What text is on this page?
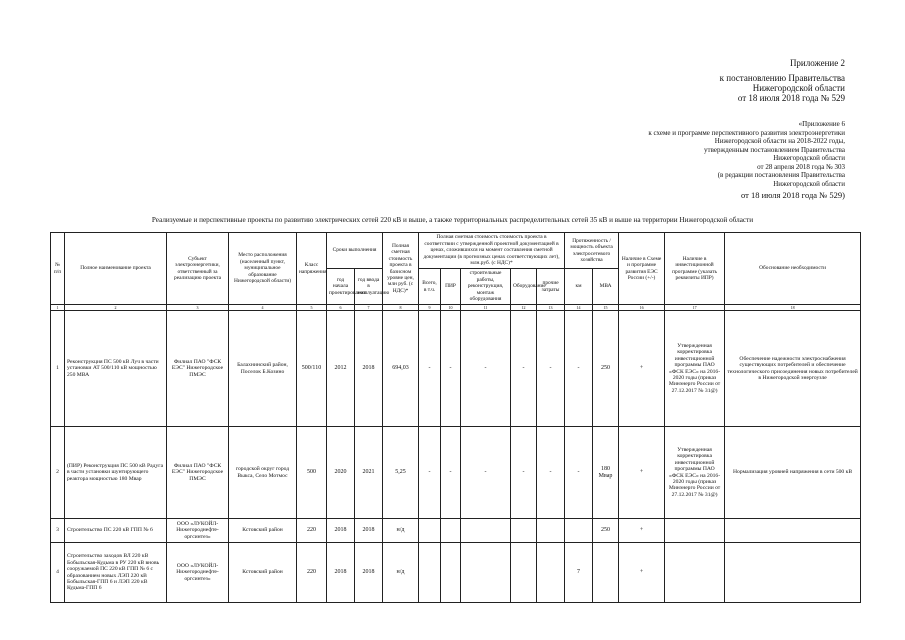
Приложение 2
к постановлению Правительства
Нижегородской области
от 18 июля 2018 года № 529
«Приложение 6
к схеме и программе перспективного развития электроэнергетики
Нижегородской области на 2018-2022 годы,
утвержденным постановлением Правительства
Нижегородской области
от 28 апреля 2018 года № 303
(в редакции постановления Правительства
Нижегородской области
от 18 июля 2018 года № 529)
Реализуемые и перспективные проекты по развитию электрических сетей 220 кВ и выше, а также территориальных распределительных сетей 35 кВ и выше на территории Нижегородской области
№ п/п	Полное наименование проекта	Субъект электроэнергетики, ответственный за реализацию проекта	Место расположения (населенный пункт, муниципальное образование Нижегородской области)	Класс напряжения	Сроки выполнения		Полная сметная стоимость проекта в базисном уровне цен, млн руб. (с НДС)*	Полная сметная стоимость стоимость проекта в соответствии с утвержденной проектной документацией в ценах, сложившихся на момент составления сметной документации (в прогнозных ценах соответствующих лет), млн.руб. (с НДС)*					Протяженность / мощность объекта электросетевого хозяйства		Наличие в Схеме и программе развития ЕЭС России (+/-)	Наличие в инвестиционной программе (указать реквизиты ИПР)	Обоснование необходимости
					год начала проектирования	год ввода в эксплуатацию		Всего, в т.ч.	ПИР	строительные работы, реконструкция, монтаж оборудования	Оборудование	прочие затраты	км	МВА			
1	2	3	4	5	6	7	8	9	10	11	12	13	14	15	16	17	18
1	Реконструкция ПС 500 кВ Луч в части установки АТ 500/110 кВ мощностью 250 МВА	Филиал ПАО "ФСК ЕЭС" Нижегородское ПМЭС	Балахнинский район, Поселок Б.Козино	500/110	2012	2018	694,03	-	-	-	-	-	-	250	+	Утвержденная корректировка инвестиционной программы ПАО «ФСК ЕЭС» на 2016-2020 годы (приказ Минэнерго России от 27.12.2017 № 31@)	Обеспечение надежности электроснабжения существующих потребителей и обеспечение технологического присоединения новых потребителей в Нижегородской энергоузле
2	(ПИР) Реконструкция ПС 500 кВ Радуга в части установки шунтирующего реактора мощностью 180 Мвар	Филиал ПАО "ФСК ЕЭС" Нижегородское ПМЭС	городской округ город Выкса, Село Мотмос	500	2020	2021	5,25	-	-	-	-	-	-	180 Мвар	+	Утвержденная корректировка инвестиционной программы ПАО «ФСК ЕЭС» на 2016-2020 годы (приказ Минэнерго России от 27.12.2017 № 31@)	Нормализация уровней напряжения в сети 500 кВ
3	Строительство ПС 220 кВ ГПП № 6	ООО «ЛУКОЙЛ-Нижегороднефте-оргсинтез»	Кстовский район	220	2018	2018	н/д							250	+		
4	Строительство заходов ВЛ 220 кВ Бобыльская-Кудьма в РУ 220 кВ вновь сооружаемой ПС 220 кВ ГПП № 6 с образованием новых ЛЭП 220 кВ Бобыльская-ГПП 6 и ЛЭП 220 кВ Кудьма-ГПП 6	ООО «ЛУКОЙЛ-Нижегороднефте-оргсинтез»	Кстовский район	220	2018	2018	н/д						7		+		
